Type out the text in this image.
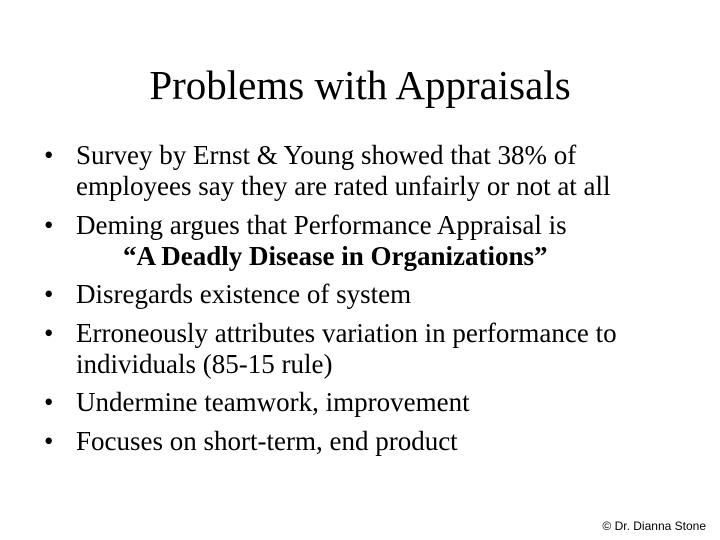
Problems with Appraisals
• Survey by Ernst & Young showed that 38% of
employees say they are rated unfairly or not at all
• Deming argues that Performance Appraisal is
“A Deadly Disease in Organizations”
• Disregards existence of system
• Erroneously attributes variation in performance to
individuals (85-15 rule)
• Undermine teamwork, improvement
• Focuses on short-term, end product
© Dr. Dianna Stone
